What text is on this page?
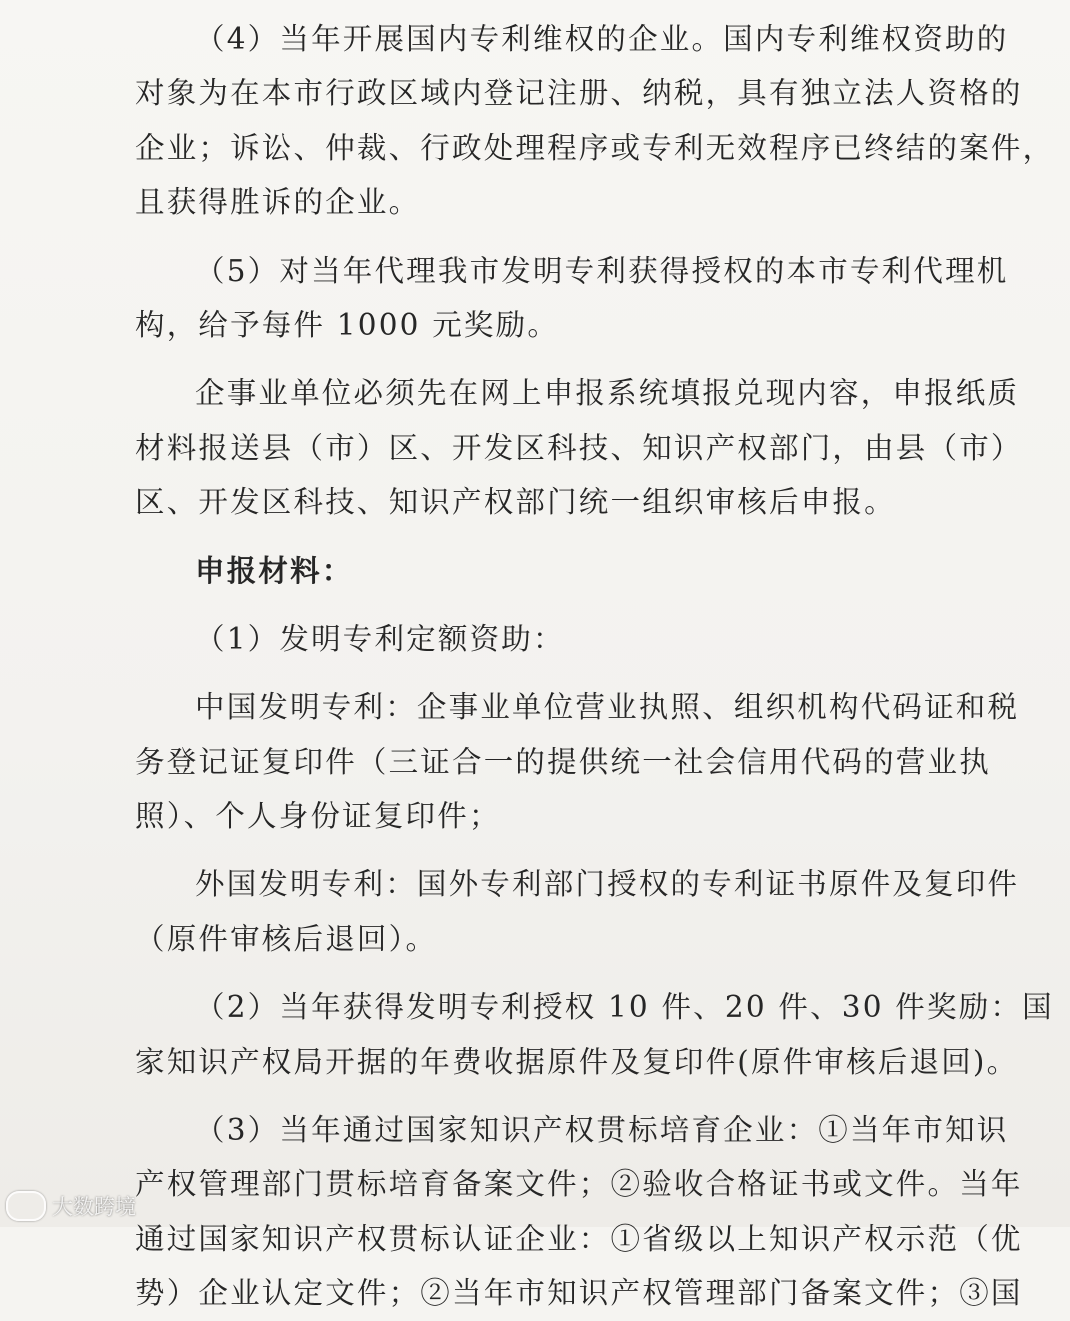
（4）当年开展国内专利维权的企业。国内专利维权资助的
对象为在本市行政区域内登记注册、纳税，具有独立法人资格的
企业；诉讼、仲裁、行政处理程序或专利无效程序已终结的案件，
且获得胜诉的企业。
（5）对当年代理我市发明专利获得授权的本市专利代理机
构，给予每件 1000 元奖励。
企事业单位必须先在网上申报系统填报兑现内容，申报纸质
材料报送县（市）区、开发区科技、知识产权部门，由县（市）
区、开发区科技、知识产权部门统一组织审核后申报。
申报材料：
（1）发明专利定额资助：
中国发明专利：企事业单位营业执照、组织机构代码证和税
务登记证复印件（三证合一的提供统一社会信用代码的营业执
照）、个人身份证复印件；
外国发明专利：国外专利部门授权的专利证书原件及复印件
（原件审核后退回）。
（2）当年获得发明专利授权 10 件、20 件、30 件奖励：国
家知识产权局开据的年费收据原件及复印件(原件审核后退回)。
（3）当年通过国家知识产权贯标培育企业：①当年市知识
产权管理部门贯标培育备案文件；②验收合格证书或文件。当年
通过国家知识产权贯标认证企业：①省级以上知识产权示范（优
势）企业认定文件；②当年市知识产权管理部门备案文件；③国
大数跨境
